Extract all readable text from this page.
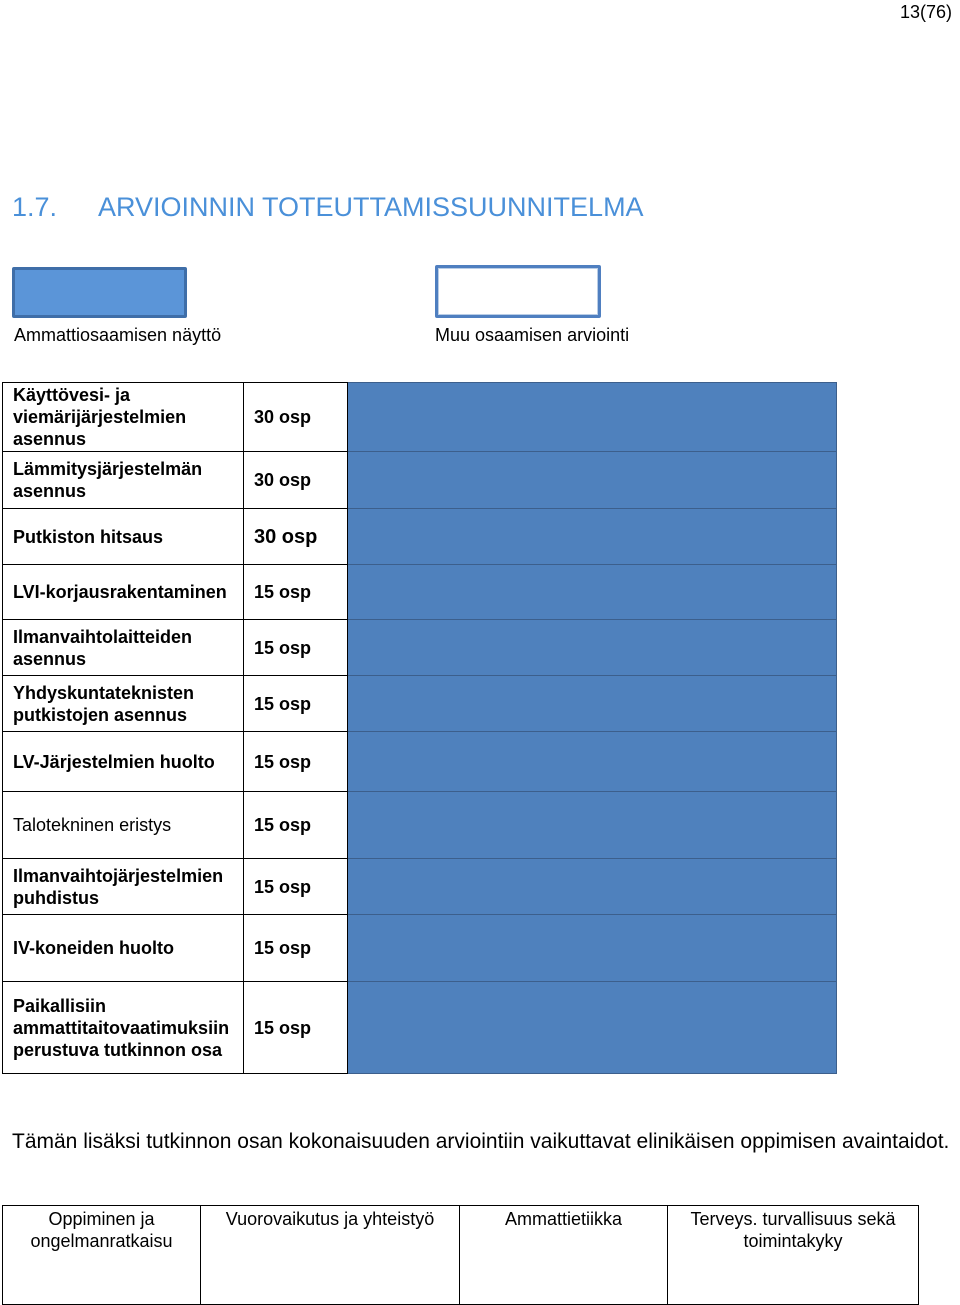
13(76)
1.7. ARVIOINNIN TOTEUTTAMISSUUNNITELMA
Ammattiosaamisen näyttö	Muu osaamisen arviointi
Käyttövesi- ja viemärijärjestelmien asennus	30 osp	
Lämmitysjärjestelmän asennus	30 osp	
Putkiston hitsaus	30 osp	
LVI-korjausrakentaminen	15 osp	
Ilmanvaihtolaitteiden asennus	15 osp	
Yhdyskuntateknisten putkistojen asennus	15 osp	
LV-Järjestelmien huolto	15 osp	
Talotekninen eristys	15 osp	
Ilmanvaihtojärjestelmien puhdistus	15 osp	
IV-koneiden huolto	15 osp	
Paikallisiin ammattitaitovaatimuksiin perustuva tutkinnon osa	15 osp	
Tämän lisäksi tutkinnon osan kokonaisuuden arviointiin vaikuttavat elinikäisen oppimisen avaintaidot.
Oppiminen ja ongelmanratkaisu	Vuorovaikutus ja yhteistyö	Ammattietiikka	Terveys. turvallisuus sekä toimintakyky
